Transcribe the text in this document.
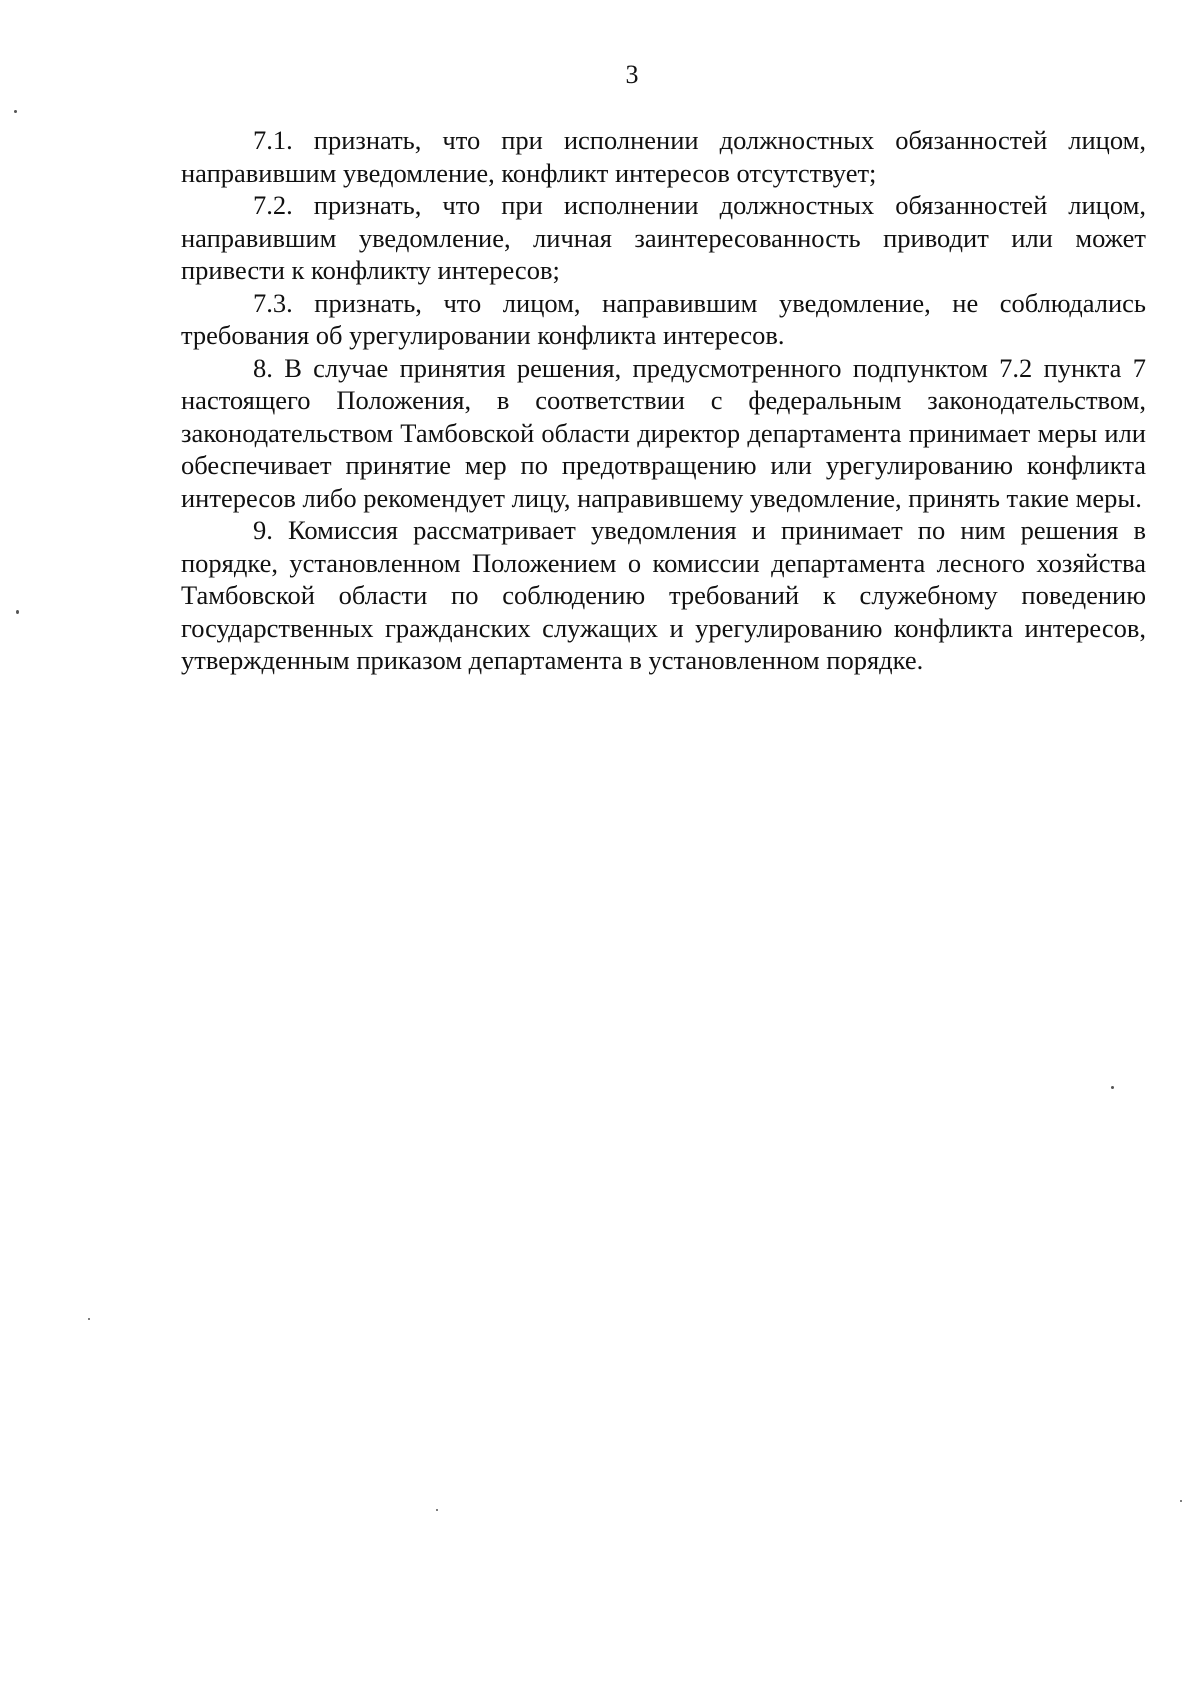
3

7.1. признать, что при исполнении должностных обязанностей лицом, направившим уведомление, конфликт интересов отсутствует;

7.2. признать, что при исполнении должностных обязанностей лицом, направившим уведомление, личная заинтересованность приводит или может привести к конфликту интересов;

7.3. признать, что лицом, направившим уведомление, не соблюдались требования об урегулировании конфликта интересов.

8. В случае принятия решения, предусмотренного подпунктом 7.2 пункта 7 настоящего Положения, в соответствии с федеральным законодательством, законодательством Тамбовской области директор департамента принимает меры или обеспечивает принятие мер по предотвращению или урегулированию конфликта интересов либо рекомендует лицу, направившему уведомление, принять такие меры.

9. Комиссия рассматривает уведомления и принимает по ним решения в порядке, установленном Положением о комиссии департамента лесного хозяйства Тамбовской области по соблюдению требований к служебному поведению государственных гражданских служащих и урегулированию конфликта интересов, утвержденным приказом департамента в установленном порядке.
